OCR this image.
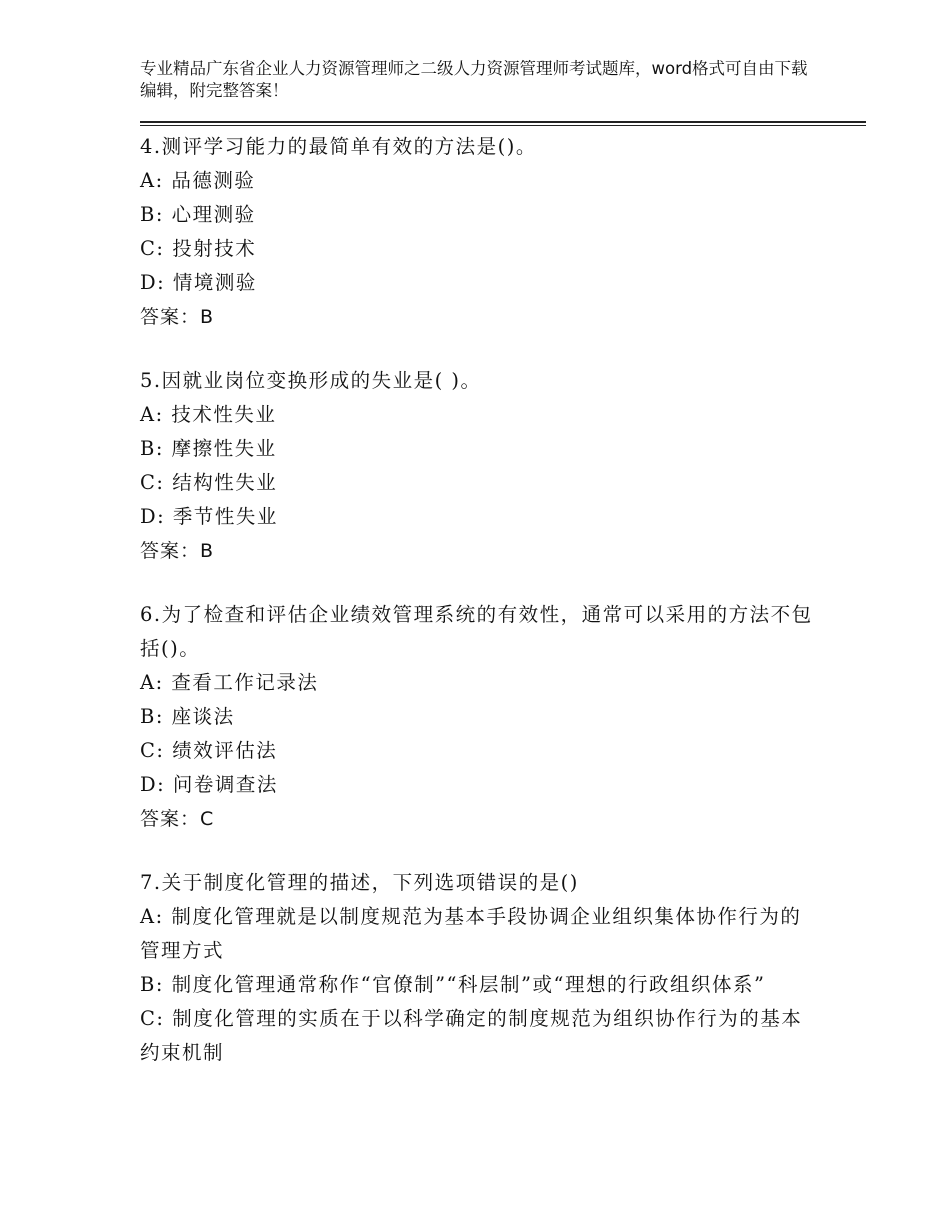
专业精品广东省企业人力资源管理师之二级人力资源管理师考试题库，word格式可自由下载编辑，附完整答案！
4.测评学习能力的最简单有效的方法是()。
A: 品德测验
B: 心理测验
C: 投射技术
D: 情境测验
答案：B
5.因就业岗位变换形成的失业是( )。
A: 技术性失业
B: 摩擦性失业
C: 结构性失业
D: 季节性失业
答案：B
6.为了检查和评估企业绩效管理系统的有效性，通常可以采用的方法不包括()。
A: 查看工作记录法
B: 座谈法
C: 绩效评估法
D: 问卷调查法
答案：C
7.关于制度化管理的描述，下列选项错误的是()
A: 制度化管理就是以制度规范为基本手段协调企业组织集体协作行为的管理方式
B: 制度化管理通常称作“官僚制”“科层制”或“理想的行政组织体系”
C: 制度化管理的实质在于以科学确定的制度规范为组织协作行为的基本约束机制
